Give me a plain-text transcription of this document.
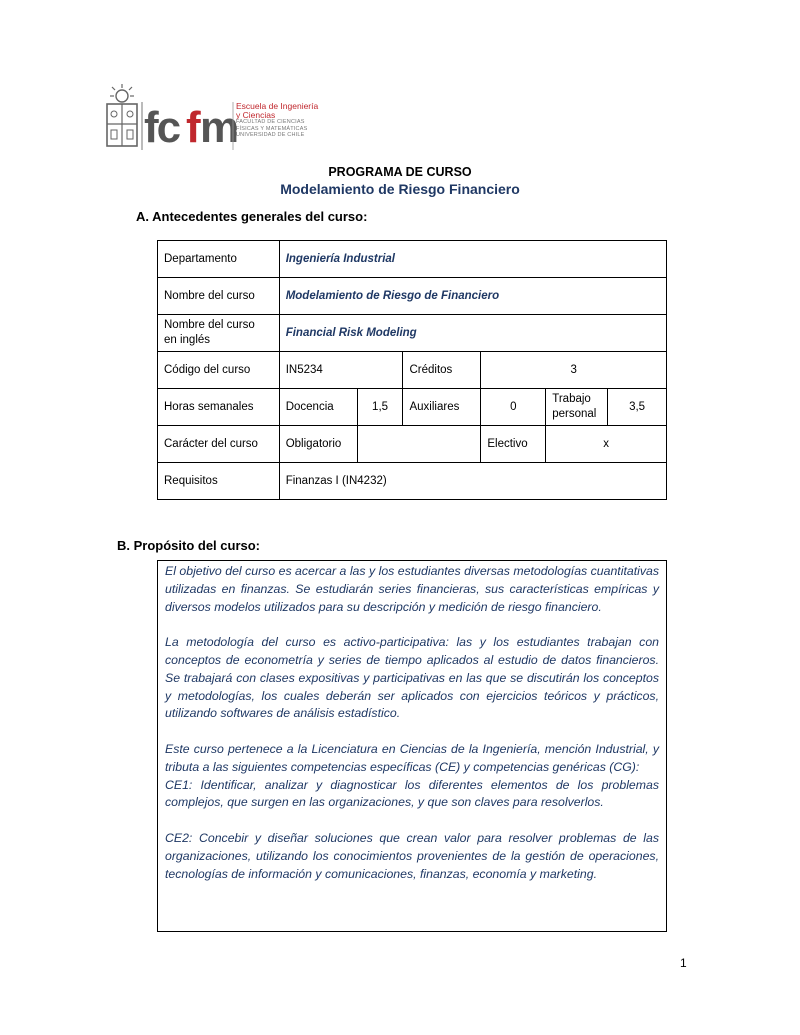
fc f m
Escuela de Ingeniería
y Ciencias
FACULTAD DE CIENCIAS
FÍSICAS Y MATEMÁTICAS
UNIVERSIDAD DE CHILE
PROGRAMA DE CURSO
Modelamiento de Riesgo Financiero
A. Antecedentes generales del curso:
Departamento	Ingeniería Industrial					
Nombre del curso	Modelamiento de Riesgo de Financiero					
Nombre del curso
en inglés	Financial Risk Modeling					
Código del curso	IN5234		Créditos	3		
Horas semanales	Docencia	1,5	Auxiliares	0	Trabajo
personal	3,5
Carácter del curso	Obligatorio			Electivo	x	
Requisitos	Finanzas I (IN4232)					
B. Propósito del curso:

El objetivo del curso es acercar a las y los estudiantes diversas metodologías cuantitativas utilizadas en finanzas. Se estudiarán series financieras, sus características empíricas y diversos modelos utilizados para su descripción y medición de riesgo financiero.

La metodología del curso es activo-participativa: las y los estudiantes trabajan con conceptos de econometría y series de tiempo aplicados al estudio de datos financieros. Se trabajará con clases expositivas y participativas en las que se discutirán los conceptos y metodologías, los cuales deberán ser aplicados con ejercicios teóricos y prácticos, utilizando softwares de análisis estadístico.

Este curso pertenece a la Licenciatura en Ciencias de la Ingeniería, mención Industrial, y tributa a las siguientes competencias específicas (CE) y competencias genéricas (CG):

CE1: Identificar, analizar y diagnosticar los diferentes elementos de los problemas complejos, que surgen en las organizaciones, y que son claves para resolverlos.

CE2: Concebir y diseñar soluciones que crean valor para resolver problemas de las organizaciones, utilizando los conocimientos provenientes de la gestión de operaciones, tecnologías de información y comunicaciones, finanzas, economía y marketing.

1
